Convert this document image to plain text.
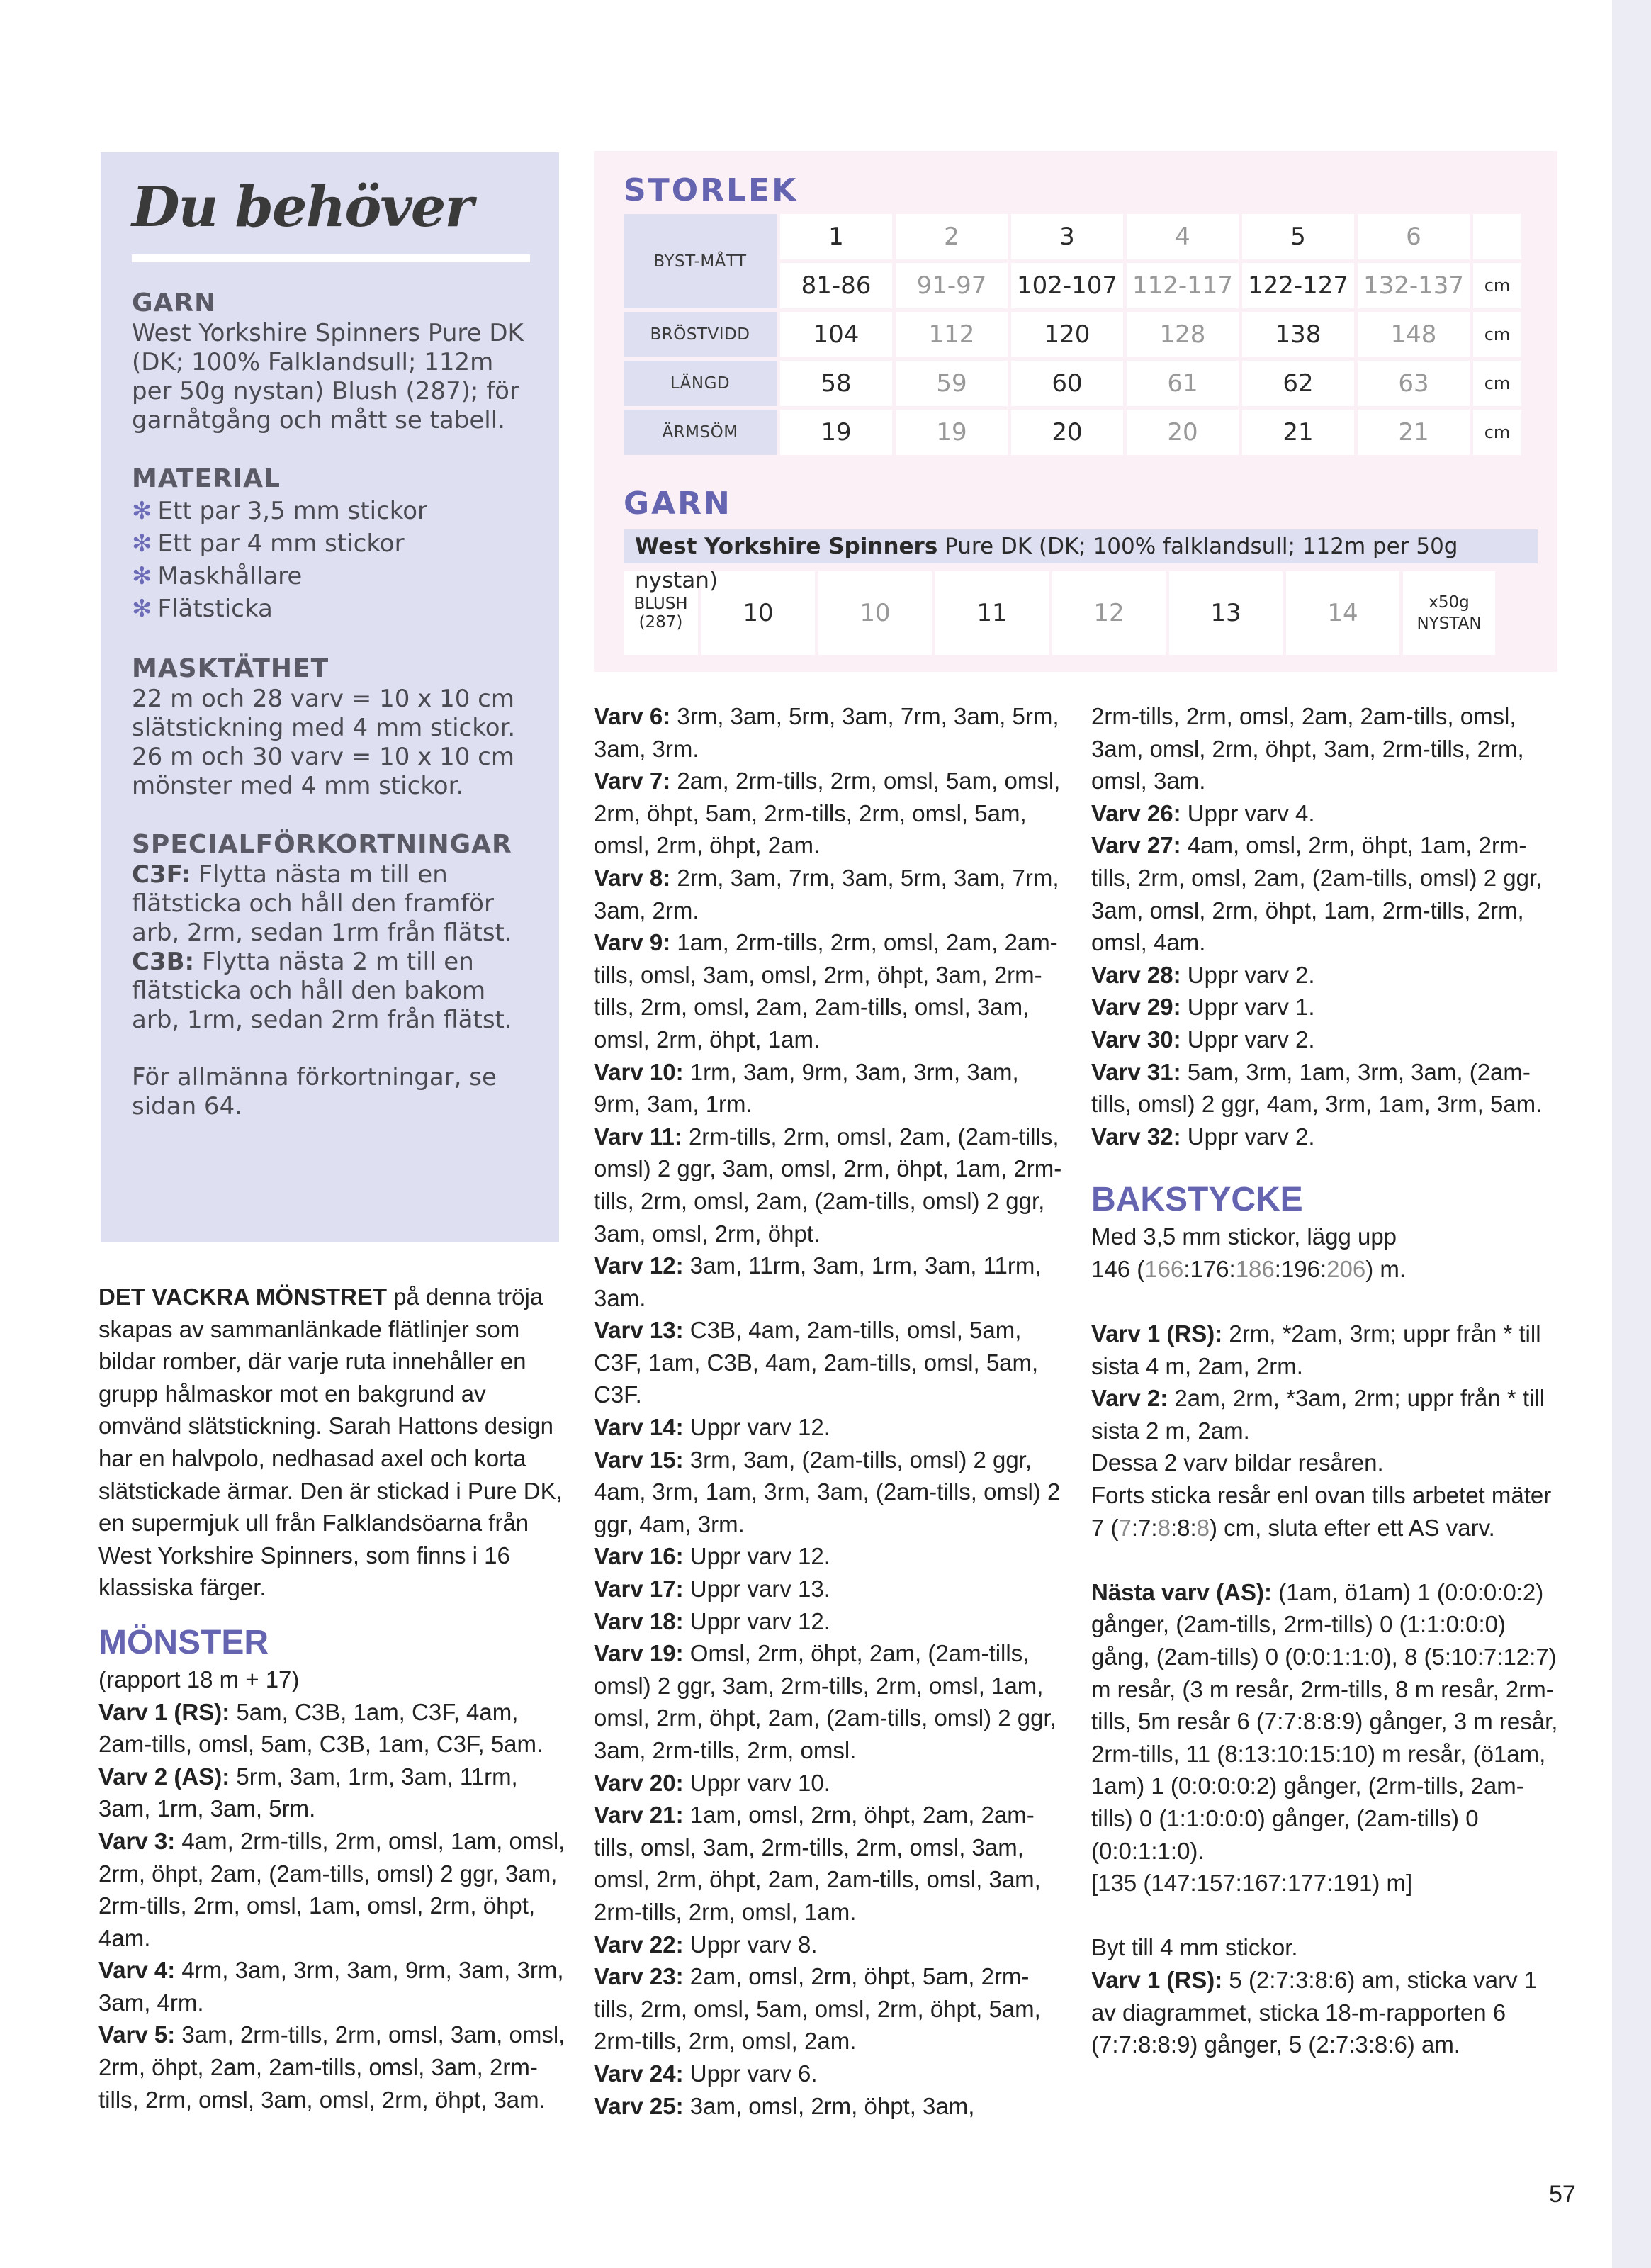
Du behöver
GARN
West Yorkshire Spinners Pure DK (DK; 100% Falklandsull; 112m per 50g nystan) Blush (287); för garnåtgång och mått se tabell.
MATERIAL
✻ Ett par 3,5 mm stickor
✻ Ett par 4 mm stickor
✻ Maskhållare
✻ Flätsticka
MASKTÄTHET
22 m och 28 varv = 10 x 10 cm slätstickning med 4 mm stickor. 26 m och 30 varv = 10 x 10 cm mönster med 4 mm stickor.
SPECIALFÖRKORTNINGAR
C3F: Flytta nästa m till en flätsticka och håll den framför arb, 2rm, sedan 1rm från flätst.
C3B: Flytta nästa 2 m till en flätsticka och håll den bakom arb, 1rm, sedan 2rm från flätst.
För allmänna förkortningar, se sidan 64.
STORLEK
BYST-MÅTT	1	2	3	4	5	6	
	81-86	91-97	102-107	112-117	122-127	132-137	cm
BRÖSTVIDD	104	112	120	128	138	148	cm
LÄNGD	58	59	60	61	62	63	cm
ÄRMSÖM	19	19	20	20	21	21	cm
GARN
West Yorkshire Spinners Pure DK (DK; 100% falklandsull; 112m per 50g nystan)
BLUSH (287)	10	10	11	12	13	14	x50g NYSTAN

DET VACKRA MÖNSTRET på denna tröja skapas av sammanlänkade flätlinjer som bildar romber, där varje ruta innehåller en grupp hålmaskor mot en bakgrund av omvänd slätstickning. Sarah Hattons design har en halvpolo, nedhasad axel och korta slätstickade ärmar. Den är stickad i Pure DK, en supermjuk ull från Falklandsöarna från West Yorkshire Spinners, som finns i 16 klassiska färger.

MÖNSTER

(rapport 18 m + 17)

Varv 1 (RS): 5am, C3B, 1am, C3F, 4am, 2am-tills, omsl, 5am, C3B, 1am, C3F, 5am.

Varv 2 (AS): 5rm, 3am, 1rm, 3am, 11rm, 3am, 1rm, 3am, 5rm.

Varv 3: 4am, 2rm-tills, 2rm, omsl, 1am, omsl, 2rm, öhpt, 2am, (2am-tills, omsl) 2 ggr, 3am, 2rm-tills, 2rm, omsl, 1am, omsl, 2rm, öhpt, 4am.

Varv 4: 4rm, 3am, 3rm, 3am, 9rm, 3am, 3rm, 3am, 4rm.

Varv 5: 3am, 2rm-tills, 2rm, omsl, 3am, omsl, 2rm, öhpt, 2am, 2am-tills, omsl, 3am, 2rm-tills, 2rm, omsl, 3am, omsl, 2rm, öhpt, 3am.

Varv 6: 3rm, 3am, 5rm, 3am, 7rm, 3am, 5rm, 3am, 3rm.

Varv 7: 2am, 2rm-tills, 2rm, omsl, 5am, omsl, 2rm, öhpt, 5am, 2rm-tills, 2rm, omsl, 5am, omsl, 2rm, öhpt, 2am.

Varv 8: 2rm, 3am, 7rm, 3am, 5rm, 3am, 7rm, 3am, 2rm.

Varv 9: 1am, 2rm-tills, 2rm, omsl, 2am, 2am-tills, omsl, 3am, omsl, 2rm, öhpt, 3am, 2rm-tills, 2rm, omsl, 2am, 2am-tills, omsl, 3am, omsl, 2rm, öhpt, 1am.

Varv 10: 1rm, 3am, 9rm, 3am, 3rm, 3am, 9rm, 3am, 1rm.

Varv 11: 2rm-tills, 2rm, omsl, 2am, (2am-tills, omsl) 2 ggr, 3am, omsl, 2rm, öhpt, 1am, 2rm-tills, 2rm, omsl, 2am, (2am-tills, omsl) 2 ggr, 3am, omsl, 2rm, öhpt.

Varv 12: 3am, 11rm, 3am, 1rm, 3am, 11rm, 3am.

Varv 13: C3B, 4am, 2am-tills, omsl, 5am, C3F, 1am, C3B, 4am, 2am-tills, omsl, 5am, C3F.

Varv 14: Uppr varv 12.

Varv 15: 3rm, 3am, (2am-tills, omsl) 2 ggr, 4am, 3rm, 1am, 3rm, 3am, (2am-tills, omsl) 2 ggr, 4am, 3rm.

Varv 16: Uppr varv 12.

Varv 17: Uppr varv 13.

Varv 18: Uppr varv 12.

Varv 19: Omsl, 2rm, öhpt, 2am, (2am-tills, omsl) 2 ggr, 3am, 2rm-tills, 2rm, omsl, 1am, omsl, 2rm, öhpt, 2am, (2am-tills, omsl) 2 ggr, 3am, 2rm-tills, 2rm, omsl.

Varv 20: Uppr varv 10.

Varv 21: 1am, omsl, 2rm, öhpt, 2am, 2am-tills, omsl, 3am, 2rm-tills, 2rm, omsl, 3am, omsl, 2rm, öhpt, 2am, 2am-tills, omsl, 3am, 2rm-tills, 2rm, omsl, 1am.

Varv 22: Uppr varv 8.

Varv 23: 2am, omsl, 2rm, öhpt, 5am, 2rm-tills, 2rm, omsl, 5am, omsl, 2rm, öhpt, 5am, 2rm-tills, 2rm, omsl, 2am.

Varv 24: Uppr varv 6.

Varv 25: 3am, omsl, 2rm, öhpt, 3am,

2rm-tills, 2rm, omsl, 2am, 2am-tills, omsl, 3am, omsl, 2rm, öhpt, 3am, 2rm-tills, 2rm, omsl, 3am.

Varv 26: Uppr varv 4.

Varv 27: 4am, omsl, 2rm, öhpt, 1am, 2rm-tills, 2rm, omsl, 2am, (2am-tills, omsl) 2 ggr, 3am, omsl, 2rm, öhpt, 1am, 2rm-tills, 2rm, omsl, 4am.

Varv 28: Uppr varv 2.

Varv 29: Uppr varv 1.

Varv 30: Uppr varv 2.

Varv 31: 5am, 3rm, 1am, 3rm, 3am, (2am-tills, omsl) 2 ggr, 4am, 3rm, 1am, 3rm, 5am.

Varv 32: Uppr varv 2.

BAKSTYCKE

Med 3,5 mm stickor, lägg upp
146 (166:176:186:196:206) m.

Varv 1 (RS): 2rm, *2am, 3rm; uppr från * till sista 4 m, 2am, 2rm.

Varv 2: 2am, 2rm, *3am, 2rm; uppr från * till sista 2 m, 2am.

Dessa 2 varv bildar resåren.

Forts sticka resår enl ovan tills arbetet mäter 7 (7:7:8:8:8) cm, sluta efter ett AS varv.

Nästa varv (AS): (1am, ö1am) 1 (0:0:0:0:2) gånger, (2am-tills, 2rm-tills) 0 (1:1:0:0:0) gång, (2am-tills) 0 (0:0:1:1:0), 8 (5:10:7:12:7) m resår, (3 m resår, 2rm-tills, 8 m resår, 2rm-tills, 5m resår 6 (7:7:8:8:9) gånger, 3 m resår, 2rm-tills, 11 (8:13:10:15:10) m resår, (ö1am, 1am) 1 (0:0:0:0:2) gånger, (2rm-tills, 2am-tills) 0 (1:1:0:0:0) gånger, (2am-tills) 0 (0:0:1:1:0).

[135 (147:157:167:177:191) m]

Byt till 4 mm stickor.

Varv 1 (RS): 5 (2:7:3:8:6) am, sticka varv 1 av diagrammet, sticka 18-m-rapporten 6 (7:7:8:8:9) gånger, 5 (2:7:3:8:6) am.

57
